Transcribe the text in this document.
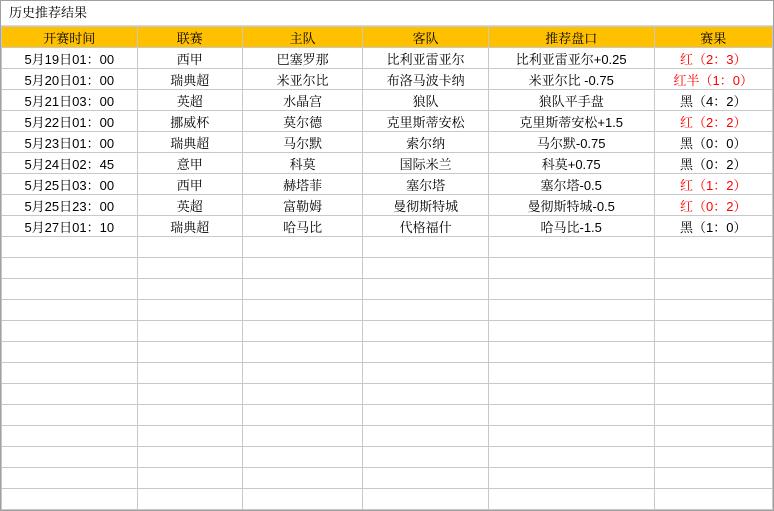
历史推荐结果
开赛时间	联赛	主队	客队	推荐盘口	赛果
5月19日01：00	西甲	巴塞罗那	比利亚雷亚尔	比利亚雷亚尔+0.25	红（2：3）
5月20日01：00	瑞典超	米亚尔比	布洛马波卡纳	米亚尔比 -0.75	红半（1：0）
5月21日03：00	英超	水晶宫	狼队	狼队平手盘	黑（4：2）
5月22日01：00	挪威杯	莫尔德	克里斯蒂安松	克里斯蒂安松+1.5	红（2：2）
5月23日01：00	瑞典超	马尔默	索尔纳	马尔默-0.75	黑（0：0）
5月24日02：45	意甲	科莫	国际米兰	科莫+0.75	黑（0：2）
5月25日03：00	西甲	赫塔菲	塞尔塔	塞尔塔-0.5	红（1：2）
5月25日23：00	英超	富勒姆	曼彻斯特城	曼彻斯特城-0.5	红（0：2）
5月27日01：10	瑞典超	哈马比	代格福什	哈马比-1.5	黑（1：0）
